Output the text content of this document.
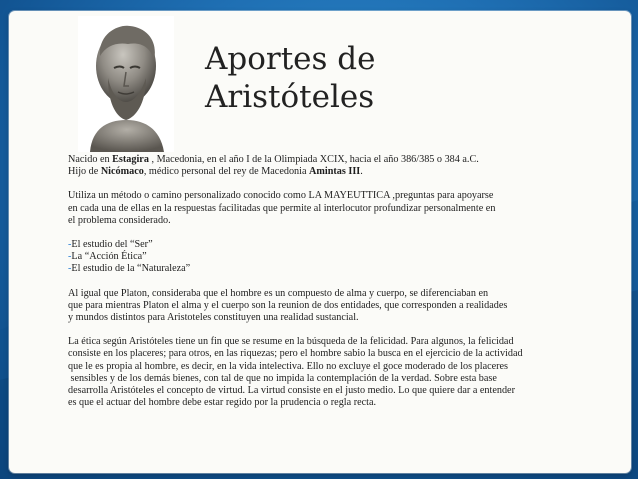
Aportes de
Aristóteles

Nacido en Estagira , Macedonia, en el año I de la Olimpiada XCIX, hacia el año 386/385 o 384 a.C.

Hijo de Nicómaco, médico personal del rey de Macedonia Amintas III.

Utiliza un método o camino personalizado conocido como LA MAYEUTTICA ,preguntas para apoyarse

en cada una de ellas en la respuestas facilitadas que permite al interlocutor profundizar personalmente en

el problema considerado.

-El estudio del “Ser”

-La “Acción Ética”

-El estudio de la “Naturaleza”

Al igual que Platon, consideraba que el hombre es un compuesto de alma y cuerpo, se diferenciaban en

que para mientras Platon el alma y el cuerpo son la reunion de dos entidades, que corresponden a realidades

y mundos distintos para Aristoteles constituyen una realidad sustancial.

La ética según Aristóteles tiene un fin que se resume en la búsqueda de la felicidad. Para algunos, la felicidad

consiste en los placeres; para otros, en las riquezas; pero el hombre sabio la busca en el ejercicio de la actividad

que le es propia al hombre, es decir, en la vida intelectiva. Ello no excluye el goce moderado de los placeres

sensibles y de los demás bienes, con tal de que no impida la contemplación de la verdad. Sobre esta base

desarrolla Aristóteles el concepto de virtud. La virtud consiste en el justo medio. Lo que quiere dar a entender

es que el actuar del hombre debe estar regido por la prudencia o regla recta.
